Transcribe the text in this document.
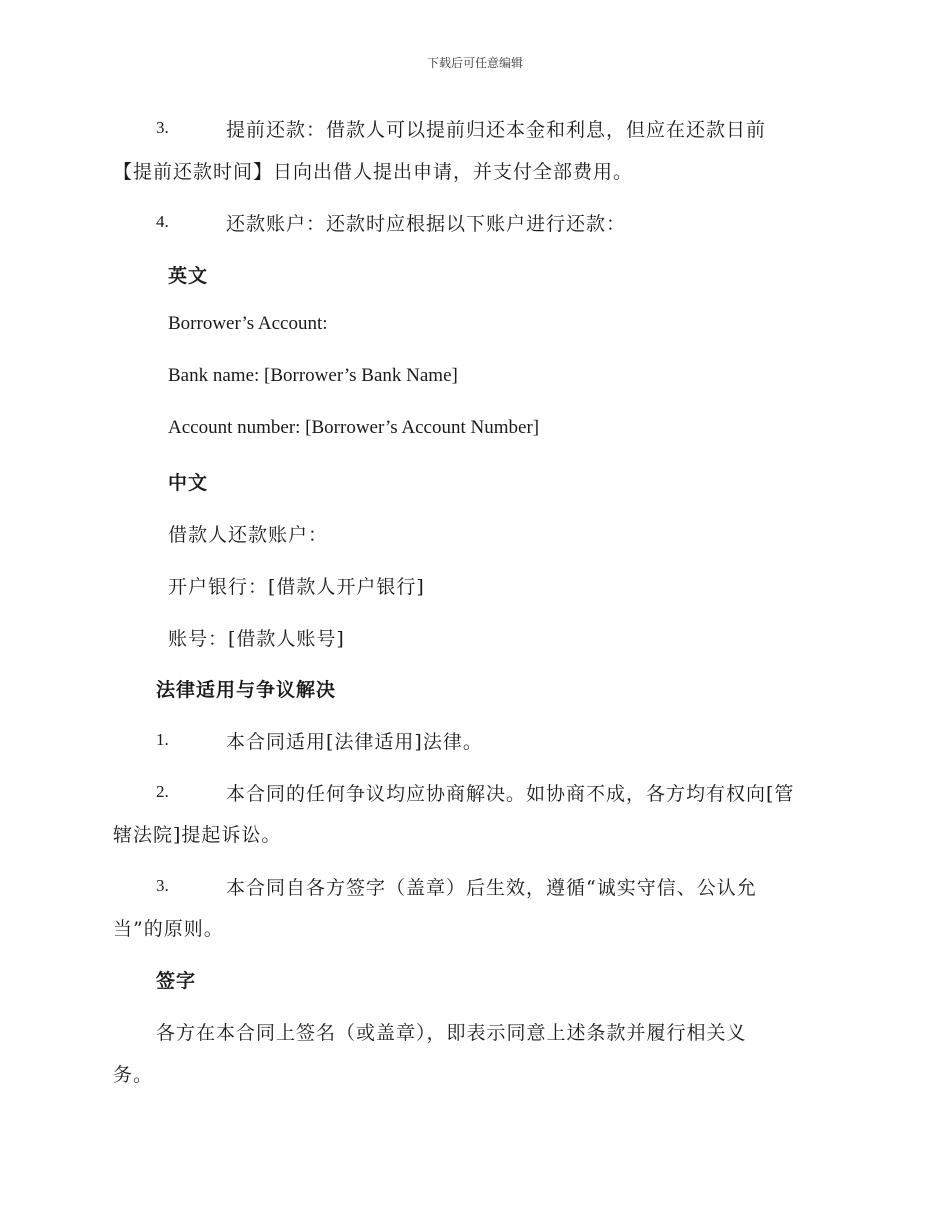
下载后可任意编辑
3.	提前还款：借款人可以提前归还本金和利息，但应在还款日前
【提前还款时间】日向出借人提出申请，并支付全部费用。
4.	还款账户：还款时应根据以下账户进行还款：
英文
Borrower’s Account:
Bank name: [Borrower’s Bank Name]
Account number: [Borrower’s Account Number]
中文
借款人还款账户：
开户银行：[借款人开户银行]
账号：[借款人账号]
法律适用与争议解决
1.	本合同适用[法律适用]法律。
2.	本合同的任何争议均应协商解决。如协商不成，各方均有权向[管
辖法院]提起诉讼。
3.	本合同自各方签字（盖章）后生效，遵循“诚实守信、公认允
当”的原则。
签字
各方在本合同上签名（或盖章），即表示同意上述条款并履行相关义
务。
